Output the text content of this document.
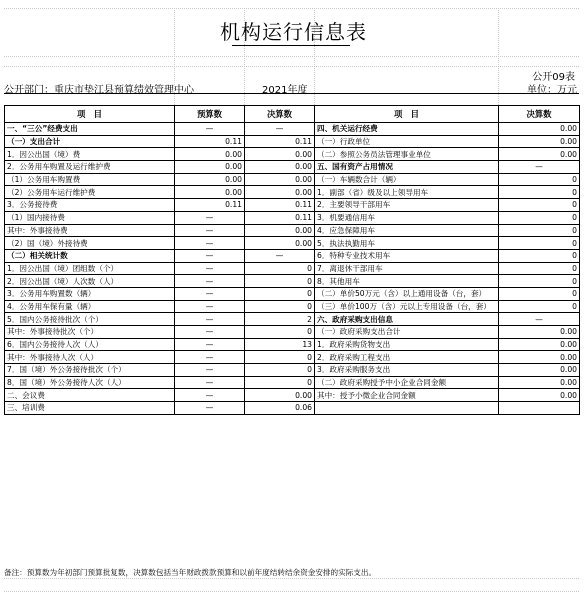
机构运行信息表
公开09表
公开部门：重庆市垫江县预算绩效管理中心	2021年度	单位：万元
项　目	预算数	决算数	项　目	决算数
一、“三公”经费支出	—	—	四、机关运行经费	0.00
（一）支出合计	0.11	0.11	（一）行政单位	0.00
1．因公出国（境）费	0.00	0.00	（二）参照公务员法管理事业单位	0.00
2．公务用车购置及运行维护费	0.00	0.00	五、国有资产占用情况	—
（1）公务用车购置费	0.00	0.00	（一）车辆数合计（辆）	0
（2）公务用车运行维护费	0.00	0.00	1．副部（省）级及以上领导用车	0
3．公务接待费	0.11	0.11	2．主要领导干部用车	0
（1）国内接待费	—	0.11	3．机要通信用车	0
其中：外事接待费	—	0.00	4．应急保障用车	0
（2）国（境）外接待费	—	0.00	5．执法执勤用车	0
（二）相关统计数	—	—	6．特种专业技术用车	0
1．因公出国（境）团组数（个）	—	0	7．离退休干部用车	0
2．因公出国（境）人次数（人）	—	0	8．其他用车	0
3．公务用车购置数（辆）	—	0	（二）单价50万元（含）以上通用设备（台，套）	0
4．公务用车保有量（辆）	—	0	（三）单价100万（含）元以上专用设备（台，套）	0
5．国内公务接待批次（个）	—	2	六、政府采购支出信息	—
其中：外事接待批次（个）	—	0	（一）政府采购支出合计	0.00
6．国内公务接待人次（人）	—	13	1．政府采购货物支出	0.00
其中：外事接待人次（人）	—	0	2．政府采购工程支出	0.00
7．国（境）外公务接待批次（个）	—	0	3．政府采购服务支出	0.00
8．国（境）外公务接待人次（人）	—	0	（二）政府采购授予中小企业合同金额	0.00
二、会议费	—	0.00	其中：授予小微企业合同金额	0.00
三、培训费	—	0.06		
备注：预算数为年初部门预算批复数，决算数包括当年财政拨款预算和以前年度结转结余资金安排的实际支出。
